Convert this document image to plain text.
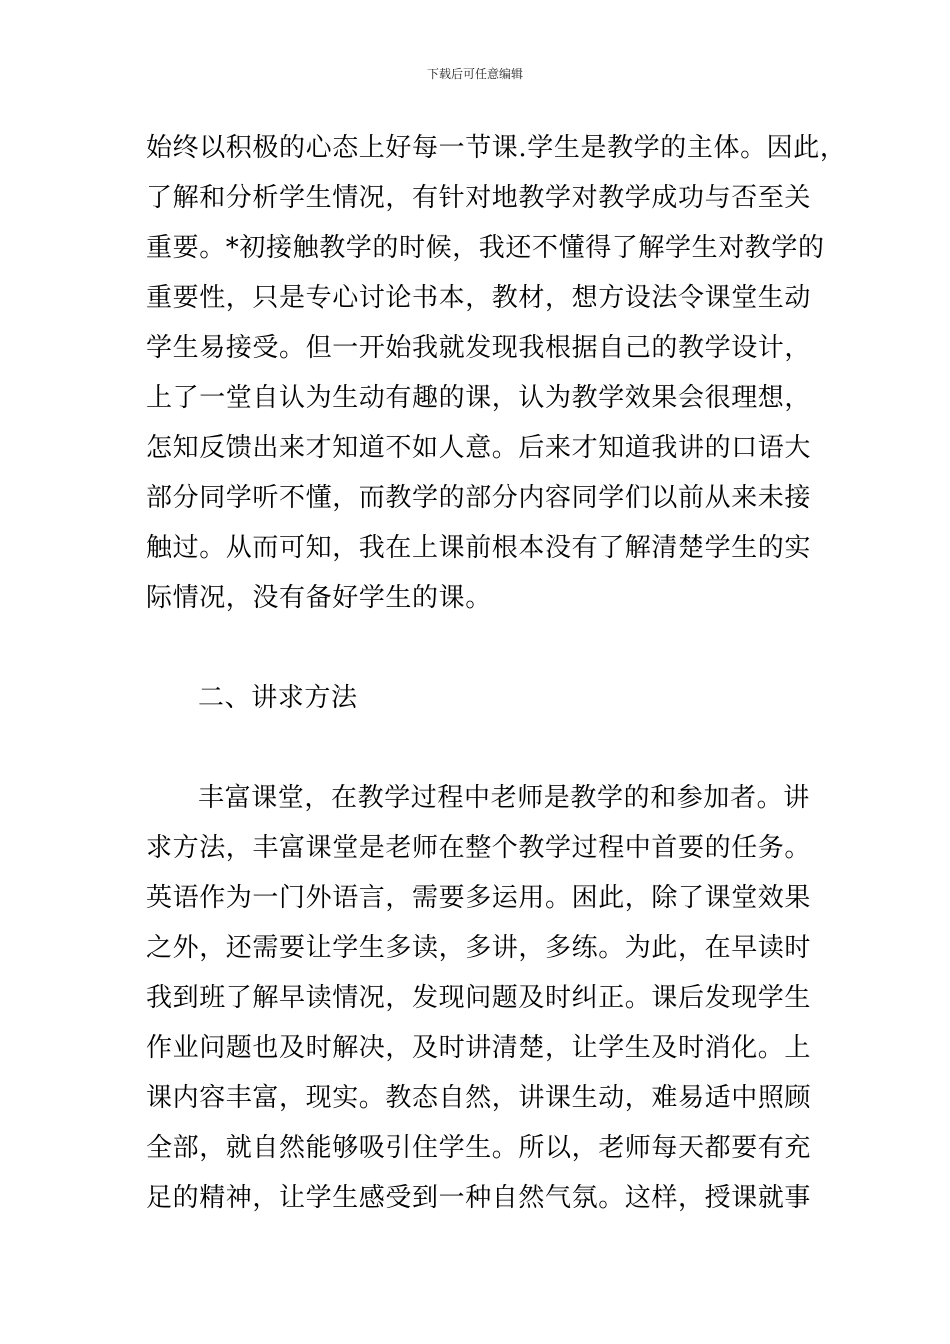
下载后可任意编辑
始终以积极的心态上好每一节课.学生是教学的主体。因此，
了解和分析学生情况，有针对地教学对教学成功与否至关
重要。*初接触教学的时候，我还不懂得了解学生对教学的
重要性，只是专心讨论书本，教材，想方设法令课堂生动
学生易接受。但一开始我就发现我根据自己的教学设计，
上了一堂自认为生动有趣的课，认为教学效果会很理想，
怎知反馈出来才知道不如人意。后来才知道我讲的口语大
部分同学听不懂，而教学的部分内容同学们以前从来未接
触过。从而可知，我在上课前根本没有了解清楚学生的实
际情况，没有备好学生的课。
二、讲求方法
丰富课堂，在教学过程中老师是教学的和参加者。讲
求方法，丰富课堂是老师在整个教学过程中首要的任务。
英语作为一门外语言，需要多运用。困此，除了课堂效果
之外，还需要让学生多读，多讲，多练。为此，在早读时
我到班了解早读情况，发现问题及时纠正。课后发现学生
作业问题也及时解决，及时讲清楚，让学生及时消化。上
课内容丰富，现实。教态自然，讲课生动，难易适中照顾
全部，就自然能够吸引住学生。所以，老师每天都要有充
足的精神，让学生感受到一种自然气氛。这样，授课就事
